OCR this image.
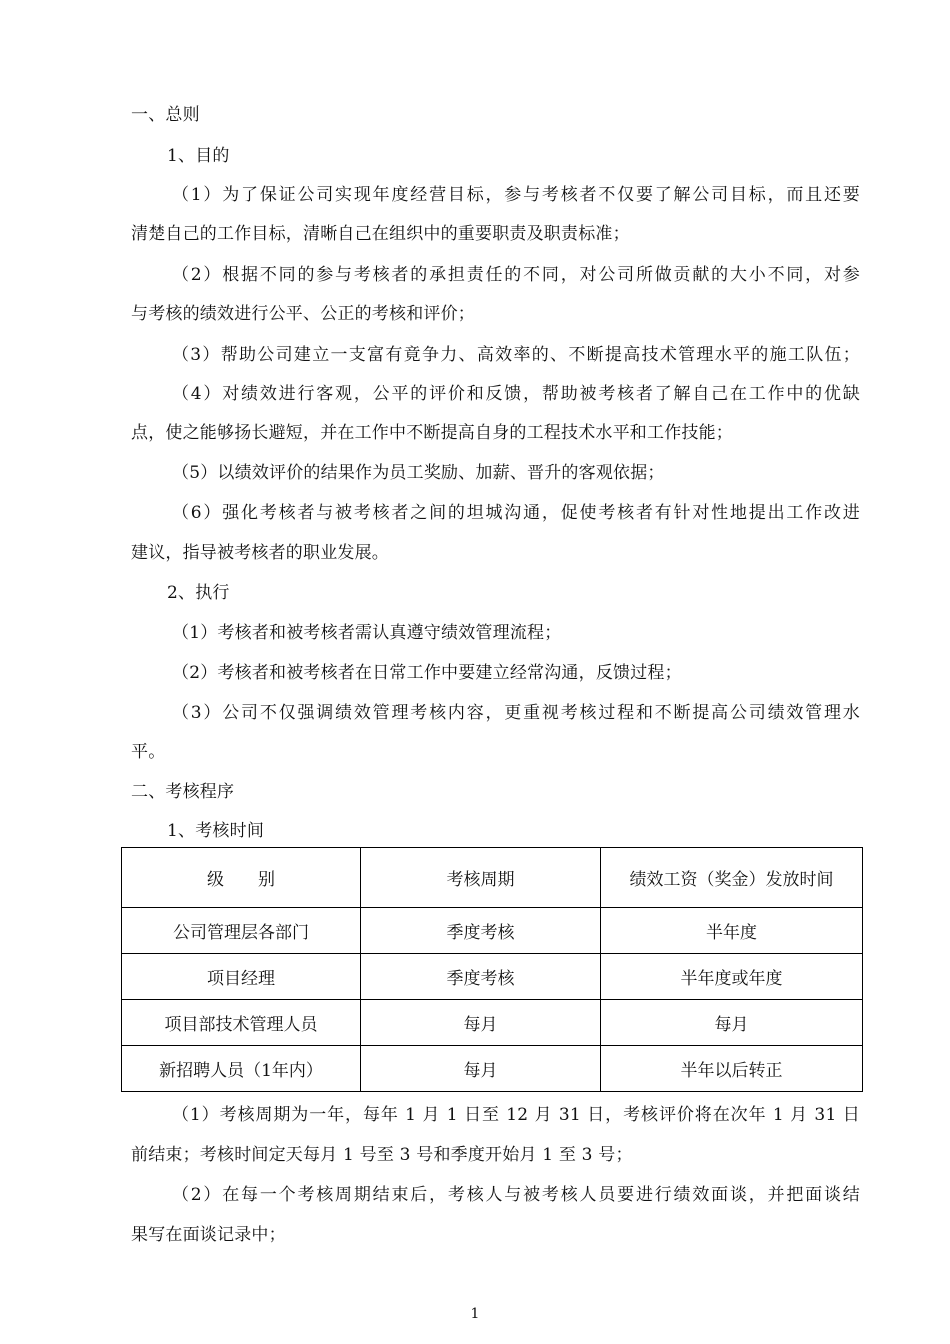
一、总则
1、目的
（1）为了保证公司实现年度经营目标，参与考核者不仅要了解公司目标，而且还要
清楚自己的工作目标，清晰自己在组织中的重要职责及职责标准；
（2）根据不同的参与考核者的承担责任的不同，对公司所做贡献的大小不同，对参
与考核的绩效进行公平、公正的考核和评价；
（3）帮助公司建立一支富有竟争力、高效率的、不断提高技术管理水平的施工队伍；
（4）对绩效进行客观，公平的评价和反馈，帮助被考核者了解自己在工作中的优缺
点，使之能够扬长避短，并在工作中不断提高自身的工程技术水平和工作技能；
（5）以绩效评价的结果作为员工奖励、加薪、晋升的客观依据；
（6）强化考核者与被考核者之间的坦城沟通，促使考核者有针对性地提出工作改进
建议，指导被考核者的职业发展。
2、执行
（1）考核者和被考核者需认真遵守绩效管理流程；
（2）考核者和被考核者在日常工作中要建立经常沟通，反馈过程；
（3）公司不仅强调绩效管理考核内容，更重视考核过程和不断提高公司绩效管理水
平。
二、考核程序
1、考核时间
级　　别	考核周期	绩效工资（奖金）发放时间
公司管理层各部门	季度考核	半年度
项目经理	季度考核	半年度或年度
项目部技术管理人员	每月	每月
新招聘人员（1年内）	每月	半年以后转正
（1）考核周期为一年，每年 1 月 1 日至 12 月 31 日，考核评价将在次年 1 月 31 日
前结束；考核时间定天每月 1 号至 3 号和季度开始月 1 至 3 号；
（2）在每一个考核周期结束后，考核人与被考核人员要进行绩效面谈，并把面谈结
果写在面谈记录中；
1
